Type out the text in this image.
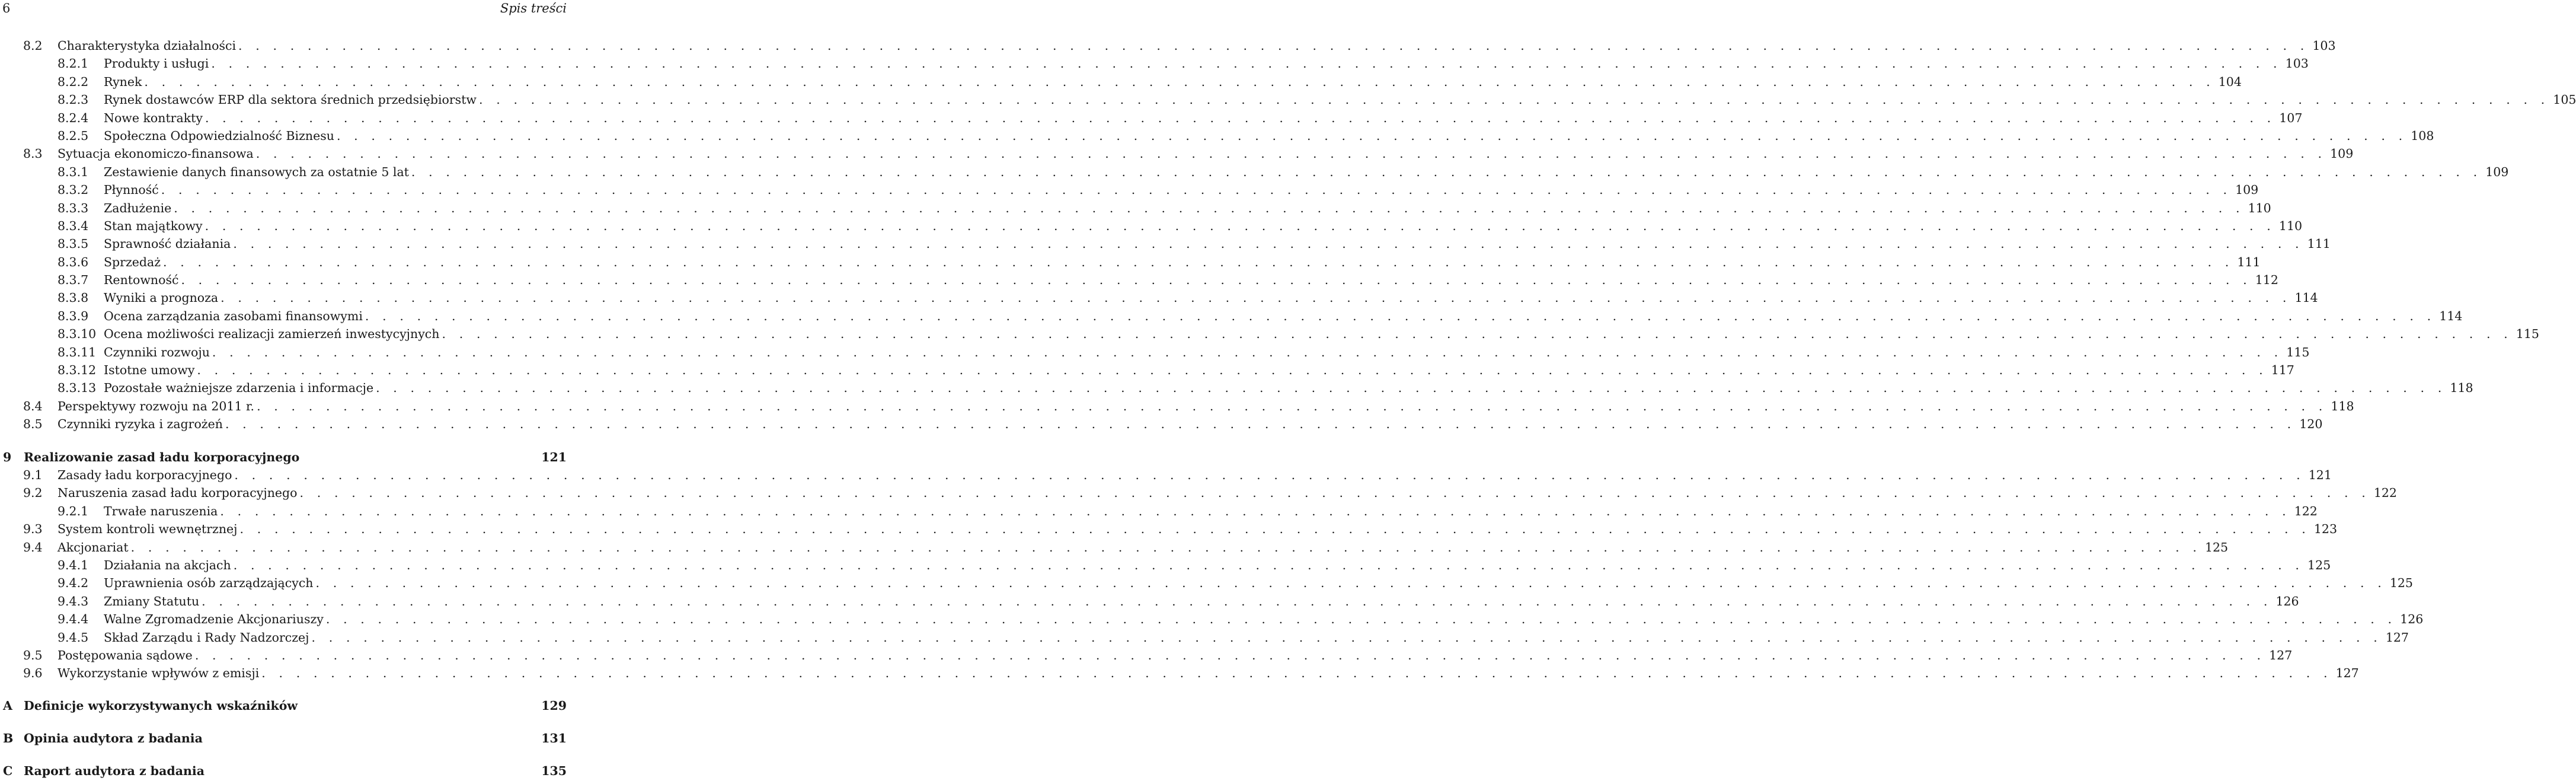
6	Spis treści
8.2 Charakterystyka działalności . . . . . . . . . . . . . . . . . . . . . . . . . . . . . . . . . . . . . . . . . . . . . . . . . . . . . . . . . . . . . . . . . . . . . . . . . . . . . . . . . . . . . . . . . . . . . . . . . . . . . . . . . . . . . . . . . . . . . . . . 103
8.2.1 Produkty i usługi . . . . . . . . . . . . . . . . . . . . . . . . . . . . . . . . . . . . . . . . . . . . . . . . . . . . . . . . . . . . . . . . . . . . . . . . . . . . . . . . . . . . . . . . . . . . . . . . . . . . . . . . . . . . . . . . . . . . . . . . 103
8.2.2 Rynek . . . . . . . . . . . . . . . . . . . . . . . . . . . . . . . . . . . . . . . . . . . . . . . . . . . . . . . . . . . . . . . . . . . . . . . . . . . . . . . . . . . . . . . . . . . . . . . . . . . . . . . . . . . . . . . . . . . . . . . . 104
8.2.3 Rynek dostawców ERP dla sektora średnich przedsiębiorstw . . . . . . . . . . . . . . . . . . . . . . . . . . . . . . . . . . . . . . . . . . . . . . . . . . . . . . . . . . . . . . . . . . . . . . . . . . . . . . . . . . . . . . . . . . . . . . . . . . . . . . . . . . . . . . . . . . . . . . . . 105
8.2.4 Nowe kontrakty . . . . . . . . . . . . . . . . . . . . . . . . . . . . . . . . . . . . . . . . . . . . . . . . . . . . . . . . . . . . . . . . . . . . . . . . . . . . . . . . . . . . . . . . . . . . . . . . . . . . . . . . . . . . . . . . . . . . . . . . 107
8.2.5 Społeczna Odpowiedzialność Biznesu . . . . . . . . . . . . . . . . . . . . . . . . . . . . . . . . . . . . . . . . . . . . . . . . . . . . . . . . . . . . . . . . . . . . . . . . . . . . . . . . . . . . . . . . . . . . . . . . . . . . . . . . . . . . . . . . . . . . . . . . 108
8.3 Sytuacja ekonomiczo-finansowa . . . . . . . . . . . . . . . . . . . . . . . . . . . . . . . . . . . . . . . . . . . . . . . . . . . . . . . . . . . . . . . . . . . . . . . . . . . . . . . . . . . . . . . . . . . . . . . . . . . . . . . . . . . . . . . . . . . . . . . . 109
8.3.1 Zestawienie danych finansowych za ostatnie 5 lat . . . . . . . . . . . . . . . . . . . . . . . . . . . . . . . . . . . . . . . . . . . . . . . . . . . . . . . . . . . . . . . . . . . . . . . . . . . . . . . . . . . . . . . . . . . . . . . . . . . . . . . . . . . . . . . . . . . . . . . . 109
8.3.2 Płynność . . . . . . . . . . . . . . . . . . . . . . . . . . . . . . . . . . . . . . . . . . . . . . . . . . . . . . . . . . . . . . . . . . . . . . . . . . . . . . . . . . . . . . . . . . . . . . . . . . . . . . . . . . . . . . . . . . . . . . . . 109
8.3.3 Zadłużenie . . . . . . . . . . . . . . . . . . . . . . . . . . . . . . . . . . . . . . . . . . . . . . . . . . . . . . . . . . . . . . . . . . . . . . . . . . . . . . . . . . . . . . . . . . . . . . . . . . . . . . . . . . . . . . . . . . . . . . . . 110
8.3.4 Stan majątkowy . . . . . . . . . . . . . . . . . . . . . . . . . . . . . . . . . . . . . . . . . . . . . . . . . . . . . . . . . . . . . . . . . . . . . . . . . . . . . . . . . . . . . . . . . . . . . . . . . . . . . . . . . . . . . . . . . . . . . . . . 110
8.3.5 Sprawność działania . . . . . . . . . . . . . . . . . . . . . . . . . . . . . . . . . . . . . . . . . . . . . . . . . . . . . . . . . . . . . . . . . . . . . . . . . . . . . . . . . . . . . . . . . . . . . . . . . . . . . . . . . . . . . . . . . . . . . . . . 111
8.3.6 Sprzedaż . . . . . . . . . . . . . . . . . . . . . . . . . . . . . . . . . . . . . . . . . . . . . . . . . . . . . . . . . . . . . . . . . . . . . . . . . . . . . . . . . . . . . . . . . . . . . . . . . . . . . . . . . . . . . . . . . . . . . . . . 111
8.3.7 Rentowność . . . . . . . . . . . . . . . . . . . . . . . . . . . . . . . . . . . . . . . . . . . . . . . . . . . . . . . . . . . . . . . . . . . . . . . . . . . . . . . . . . . . . . . . . . . . . . . . . . . . . . . . . . . . . . . . . . . . . . . . 112
8.3.8 Wyniki a prognoza . . . . . . . . . . . . . . . . . . . . . . . . . . . . . . . . . . . . . . . . . . . . . . . . . . . . . . . . . . . . . . . . . . . . . . . . . . . . . . . . . . . . . . . . . . . . . . . . . . . . . . . . . . . . . . . . . . . . . . . . 114
8.3.9 Ocena zarządzania zasobami finansowymi . . . . . . . . . . . . . . . . . . . . . . . . . . . . . . . . . . . . . . . . . . . . . . . . . . . . . . . . . . . . . . . . . . . . . . . . . . . . . . . . . . . . . . . . . . . . . . . . . . . . . . . . . . . . . . . . . . . . . . . . 114
8.3.10 Ocena możliwości realizacji zamierzeń inwestycyjnych . . . . . . . . . . . . . . . . . . . . . . . . . . . . . . . . . . . . . . . . . . . . . . . . . . . . . . . . . . . . . . . . . . . . . . . . . . . . . . . . . . . . . . . . . . . . . . . . . . . . . . . . . . . . . . . . . . . . . . . . 115
8.3.11 Czynniki rozwoju . . . . . . . . . . . . . . . . . . . . . . . . . . . . . . . . . . . . . . . . . . . . . . . . . . . . . . . . . . . . . . . . . . . . . . . . . . . . . . . . . . . . . . . . . . . . . . . . . . . . . . . . . . . . . . . . . . . . . . . . 115
8.3.12 Istotne umowy . . . . . . . . . . . . . . . . . . . . . . . . . . . . . . . . . . . . . . . . . . . . . . . . . . . . . . . . . . . . . . . . . . . . . . . . . . . . . . . . . . . . . . . . . . . . . . . . . . . . . . . . . . . . . . . . . . . . . . . . 117
8.3.13 Pozostałe ważniejsze zdarzenia i informacje . . . . . . . . . . . . . . . . . . . . . . . . . . . . . . . . . . . . . . . . . . . . . . . . . . . . . . . . . . . . . . . . . . . . . . . . . . . . . . . . . . . . . . . . . . . . . . . . . . . . . . . . . . . . . . . . . . . . . . . . 118
8.4 Perspektywy rozwoju na 2011 r. . . . . . . . . . . . . . . . . . . . . . . . . . . . . . . . . . . . . . . . . . . . . . . . . . . . . . . . . . . . . . . . . . . . . . . . . . . . . . . . . . . . . . . . . . . . . . . . . . . . . . . . . . . . . . . . . . . . . . . . . 118
8.5 Czynniki ryzyka i zagrożeń . . . . . . . . . . . . . . . . . . . . . . . . . . . . . . . . . . . . . . . . . . . . . . . . . . . . . . . . . . . . . . . . . . . . . . . . . . . . . . . . . . . . . . . . . . . . . . . . . . . . . . . . . . . . . . . . . . . . . . . . 120
9 Realizowanie zasad ładu korporacyjnego	121
9.1 Zasady ładu korporacyjnego . . . . . . . . . . . . . . . . . . . . . . . . . . . . . . . . . . . . . . . . . . . . . . . . . . . . . . . . . . . . . . . . . . . . . . . . . . . . . . . . . . . . . . . . . . . . . . . . . . . . . . . . . . . . . . . . . . . . . . . . 121
9.2 Naruszenia zasad ładu korporacyjnego . . . . . . . . . . . . . . . . . . . . . . . . . . . . . . . . . . . . . . . . . . . . . . . . . . . . . . . . . . . . . . . . . . . . . . . . . . . . . . . . . . . . . . . . . . . . . . . . . . . . . . . . . . . . . . . . . . . . . . . . 122
9.2.1 Trwałe naruszenia . . . . . . . . . . . . . . . . . . . . . . . . . . . . . . . . . . . . . . . . . . . . . . . . . . . . . . . . . . . . . . . . . . . . . . . . . . . . . . . . . . . . . . . . . . . . . . . . . . . . . . . . . . . . . . . . . . . . . . . . 122
9.3 System kontroli wewnętrznej . . . . . . . . . . . . . . . . . . . . . . . . . . . . . . . . . . . . . . . . . . . . . . . . . . . . . . . . . . . . . . . . . . . . . . . . . . . . . . . . . . . . . . . . . . . . . . . . . . . . . . . . . . . . . . . . . . . . . . . . 123
9.4 Akcjonariat . . . . . . . . . . . . . . . . . . . . . . . . . . . . . . . . . . . . . . . . . . . . . . . . . . . . . . . . . . . . . . . . . . . . . . . . . . . . . . . . . . . . . . . . . . . . . . . . . . . . . . . . . . . . . . . . . . . . . . . . 125
9.4.1 Działania na akcjach . . . . . . . . . . . . . . . . . . . . . . . . . . . . . . . . . . . . . . . . . . . . . . . . . . . . . . . . . . . . . . . . . . . . . . . . . . . . . . . . . . . . . . . . . . . . . . . . . . . . . . . . . . . . . . . . . . . . . . . . 125
9.4.2 Uprawnienia osób zarządzających . . . . . . . . . . . . . . . . . . . . . . . . . . . . . . . . . . . . . . . . . . . . . . . . . . . . . . . . . . . . . . . . . . . . . . . . . . . . . . . . . . . . . . . . . . . . . . . . . . . . . . . . . . . . . . . . . . . . . . . . 125
9.4.3 Zmiany Statutu . . . . . . . . . . . . . . . . . . . . . . . . . . . . . . . . . . . . . . . . . . . . . . . . . . . . . . . . . . . . . . . . . . . . . . . . . . . . . . . . . . . . . . . . . . . . . . . . . . . . . . . . . . . . . . . . . . . . . . . . 126
9.4.4 Walne Zgromadzenie Akcjonariuszy . . . . . . . . . . . . . . . . . . . . . . . . . . . . . . . . . . . . . . . . . . . . . . . . . . . . . . . . . . . . . . . . . . . . . . . . . . . . . . . . . . . . . . . . . . . . . . . . . . . . . . . . . . . . . . . . . . . . . . . . 126
9.4.5 Skład Zarządu i Rady Nadzorczej . . . . . . . . . . . . . . . . . . . . . . . . . . . . . . . . . . . . . . . . . . . . . . . . . . . . . . . . . . . . . . . . . . . . . . . . . . . . . . . . . . . . . . . . . . . . . . . . . . . . . . . . . . . . . . . . . . . . . . . . 127
9.5 Postępowania sądowe . . . . . . . . . . . . . . . . . . . . . . . . . . . . . . . . . . . . . . . . . . . . . . . . . . . . . . . . . . . . . . . . . . . . . . . . . . . . . . . . . . . . . . . . . . . . . . . . . . . . . . . . . . . . . . . . . . . . . . . . 127
9.6 Wykorzystanie wpływów z emisji . . . . . . . . . . . . . . . . . . . . . . . . . . . . . . . . . . . . . . . . . . . . . . . . . . . . . . . . . . . . . . . . . . . . . . . . . . . . . . . . . . . . . . . . . . . . . . . . . . . . . . . . . . . . . . . . . . . . . . . . 127
A Definicje wykorzystywanych wskaźników	129
B Opinia audytora z badania	131
C Raport audytora z badania	135
